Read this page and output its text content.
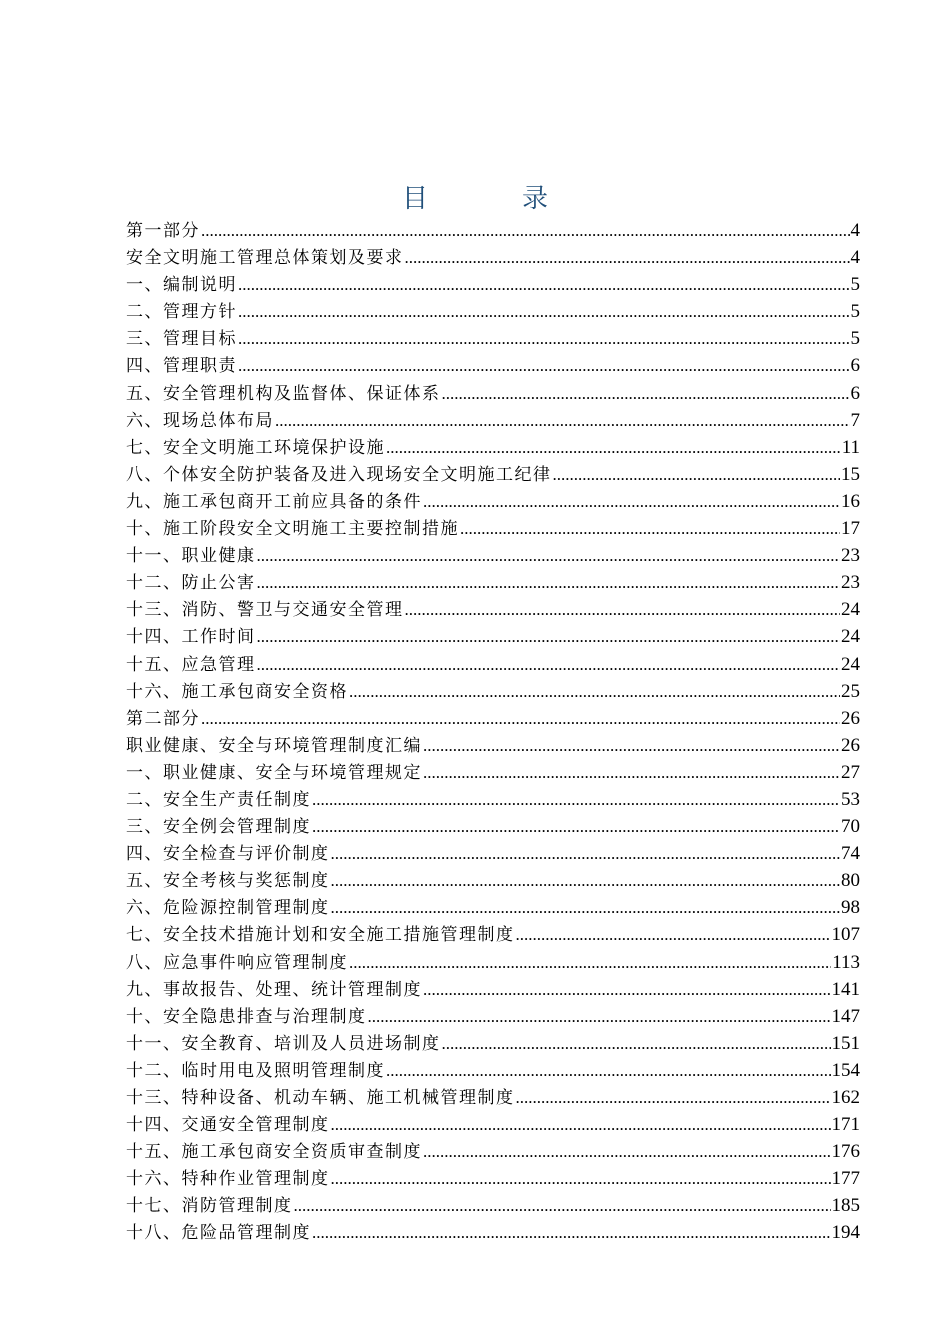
目　录
第一部分 .....	4
安全文明施工管理总体策划及要求 .....	4
一、编制说明 .....	5
二、管理方针 .....	5
三、管理目标 .....	5
四、管理职责 .....	6
五、安全管理机构及监督体、保证体系 .....	6
六、现场总体布局 .....	7
七、安全文明施工环境保护设施 .....	11
八、个体安全防护装备及进入现场安全文明施工纪律 .....	15
九、施工承包商开工前应具备的条件 .....	16
十、施工阶段安全文明施工主要控制措施 .....	17
十一、职业健康 .....	23
十二、防止公害 .....	23
十三、消防、警卫与交通安全管理 .....	24
十四、工作时间 .....	24
十五、应急管理 .....	24
十六、施工承包商安全资格 .....	25
第二部分 .....	26
职业健康、安全与环境管理制度汇编 .....	26
一、职业健康、安全与环境管理规定 .....	27
二、安全生产责任制度 .....	53
三、安全例会管理制度 .....	70
四、安全检查与评价制度 .....	74
五、安全考核与奖惩制度 .....	80
六、危险源控制管理制度 .....	98
七、安全技术措施计划和安全施工措施管理制度 .....	107
八、应急事件响应管理制度 .....	113
九、事故报告、处理、统计管理制度 .....	141
十、安全隐患排查与治理制度 .....	147
十一、安全教育、培训及人员进场制度 .....	151
十二、临时用电及照明管理制度 .....	154
十三、特种设备、机动车辆、施工机械管理制度 .....	162
十四、交通安全管理制度 .....	171
十五、施工承包商安全资质审查制度 .....	176
十六、特种作业管理制度 .....	177
十七、消防管理制度 .....	185
十八、危险品管理制度 .....	194
